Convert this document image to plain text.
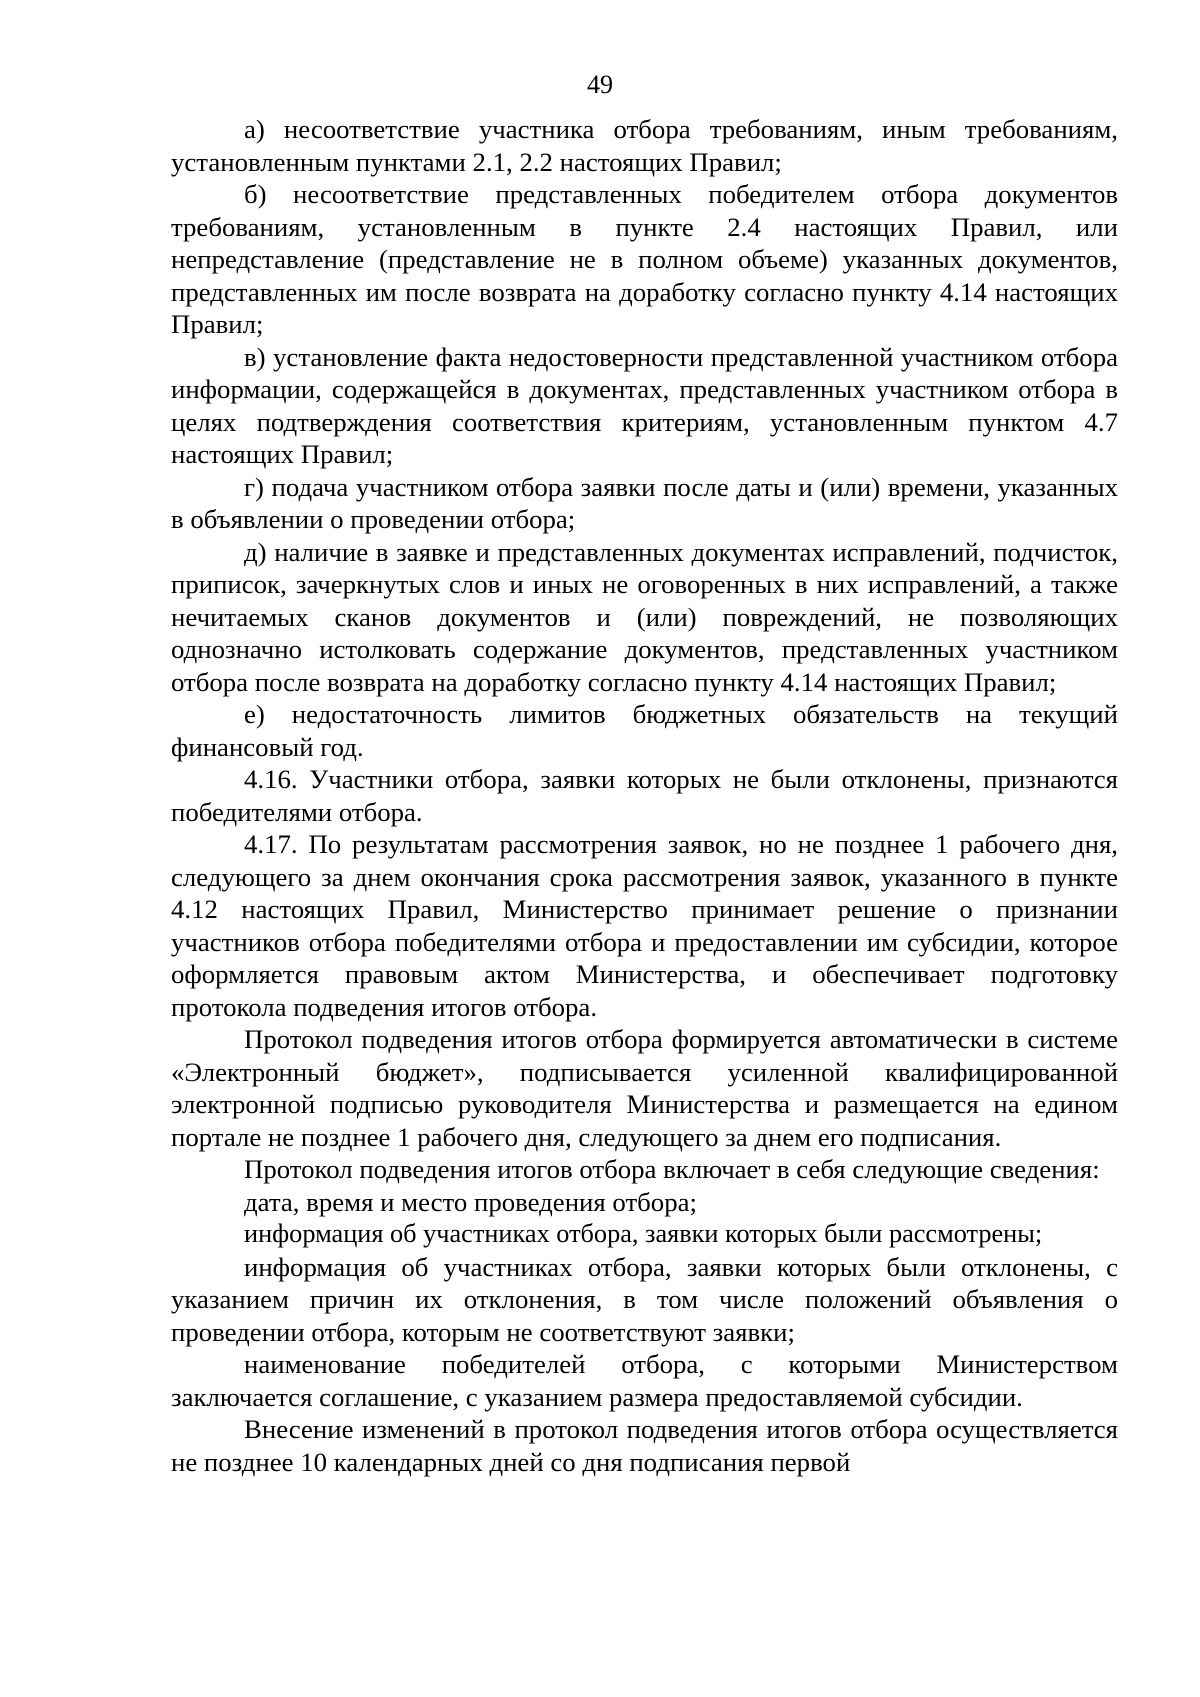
49

а) несоответствие участника отбора требованиям, иным требованиям, установленным пунктами 2.1, 2.2 настоящих Правил;

б) несоответствие представленных победителем отбора документов требованиям, установленным в пункте 2.4 настоящих Правил, или непредставление (представление не в полном объеме) указанных документов, представленных им после возврата на доработку согласно пункту 4.14 настоящих Правил;

в) установление факта недостоверности представленной участником отбора информации, содержащейся в документах, представленных участником отбора в целях подтверждения соответствия критериям, установленным пунктом 4.7 настоящих Правил;

г) подача участником отбора заявки после даты и (или) времени, указанных в объявлении о проведении отбора;

д) наличие в заявке и представленных документах исправлений, подчисток, приписок, зачеркнутых слов и иных не оговоренных в них исправлений, а также нечитаемых сканов документов и (или) повреждений, не позволяющих однозначно истолковать содержание документов, представленных участником отбора после возврата на доработку согласно пункту 4.14 настоящих Правил;

е) недостаточность лимитов бюджетных обязательств на текущий финансовый год.

4.16. Участники отбора, заявки которых не были отклонены, признаются победителями отбора.

4.17. По результатам рассмотрения заявок, но не позднее 1 рабочего дня, следующего за днем окончания срока рассмотрения заявок, указанного в пункте 4.12 настоящих Правил, Министерство принимает решение о признании участников отбора победителями отбора и предоставлении им субсидии, которое оформляется правовым актом Министерства, и обеспечивает подготовку протокола подведения итогов отбора.

Протокол подведения итогов отбора формируется автоматически в системе «Электронный бюджет», подписывается усиленной квалифицированной электронной подписью руководителя Министерства и размещается на едином портале не позднее 1 рабочего дня, следующего за днем его подписания.

Протокол подведения итогов отбора включает в себя следующие сведения:

дата, время и место проведения отбора;

информация об участниках отбора, заявки которых были рассмотрены;

информация об участниках отбора, заявки которых были отклонены, с указанием причин их отклонения, в том числе положений объявления о проведении отбора, которым не соответствуют заявки;

наименование победителей отбора, с которыми Министерством заключается соглашение, с указанием размера предоставляемой субсидии.

Внесение изменений в протокол подведения итогов отбора осуществляется не позднее 10 календарных дней со дня подписания первой
